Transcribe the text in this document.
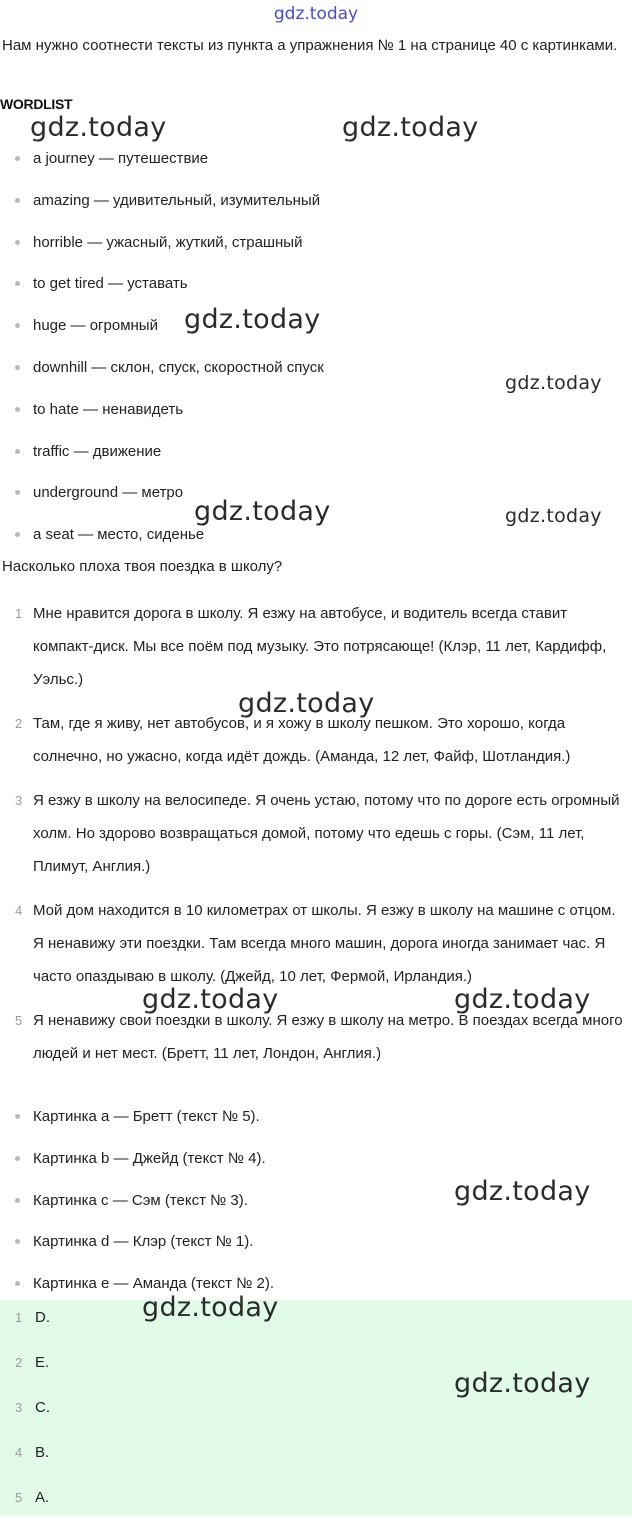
gdz.today
Нам нужно соотнести тексты из пункта а упражнения № 1 на странице 40 с картинками.
WORDLIST
a journey — путешествие
amazing — удивительный, изумительный
horrible — ужасный, жуткий, страшный
to get tired — уставать
huge — огромный
downhill — склон, спуск, скоростной спуск
to hate — ненавидеть
traffic — движение
underground — метро
a seat — место, сиденье
Насколько плоха твоя поездка в школу?
1 Мне нравится дорога в школу. Я езжу на автобусе, и водитель всегда ставит компакт-диск. Мы все поём под музыку. Это потрясающе! (Клэр, 11 лет, Кардифф, Уэльс.)
2 Там, где я живу, нет автобусов, и я хожу в школу пешком. Это хорошо, когда солнечно, но ужасно, когда идёт дождь. (Аманда, 12 лет, Файф, Шотландия.)
3 Я езжу в школу на велосипеде. Я очень устаю, потому что по дороге есть огромный холм. Но здорово возвращаться домой, потому что едешь с горы. (Сэм, 11 лет, Плимут, Англия.)
4 Мой дом находится в 10 километрах от школы. Я езжу в школу на машине с отцом. Я ненавижу эти поездки. Там всегда много машин, дорога иногда занимает час. Я часто опаздываю в школу. (Джейд, 10 лет, Фермой, Ирландия.)
5 Я ненавижу свои поездки в школу. Я езжу в школу на метро. В поездах всегда много людей и нет мест. (Бретт, 11 лет, Лондон, Англия.)
Картинка a — Бретт (текст № 5).
Картинка b — Джейд (текст № 4).
Картинка c — Сэм (текст № 3).
Картинка d — Клэр (текст № 1).
Картинка e — Аманда (текст № 2).
1 D.
2 E.
3 C.
4 B.
5 A.
gdz.today	gdz.today
gdz.today
gdz.today
gdz.today	gdz.today
gdz.today
gdz.today	gdz.today
gdz.today
gdz.today
gdz.today
